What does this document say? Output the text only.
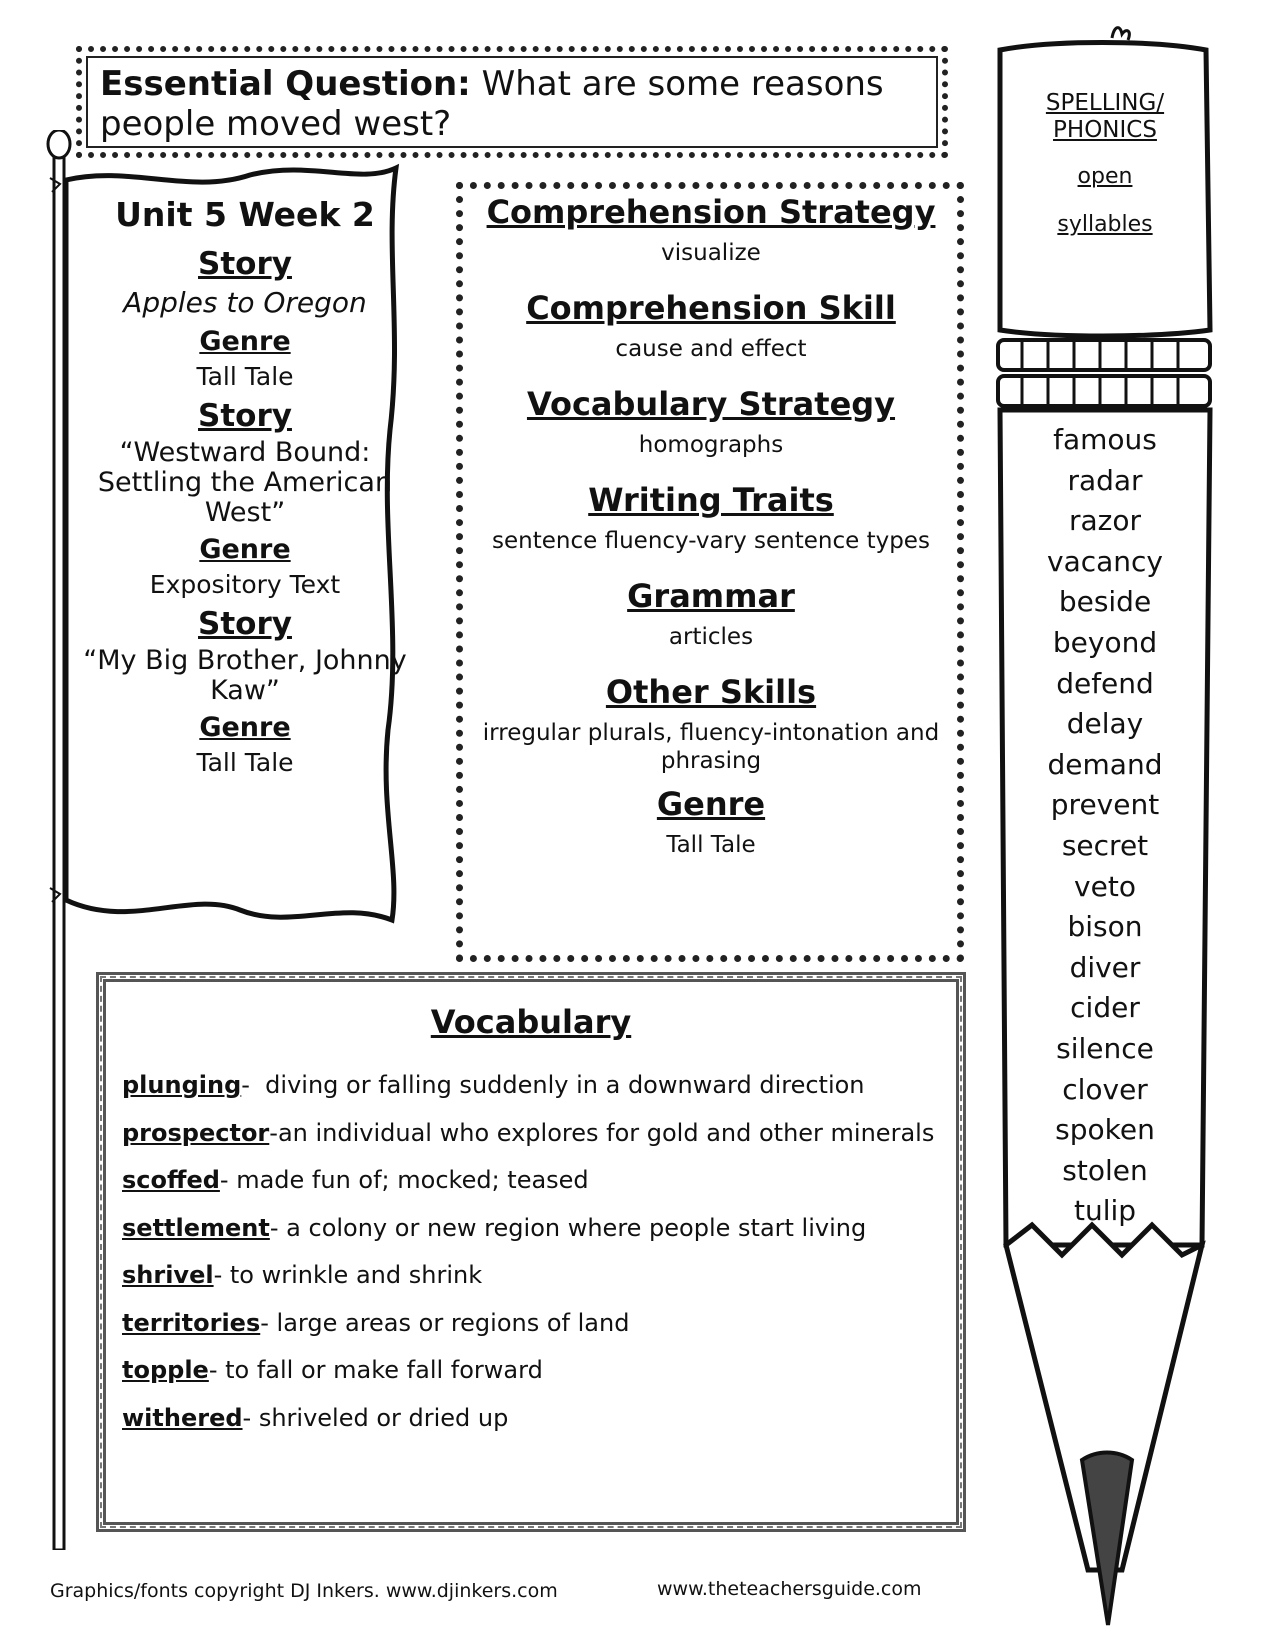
Essential Question: What are some reasons people moved west?
Unit 5 Week 2
Story
Apples to Oregon
Genre
Tall Tale
Story
“Westward Bound: Settling the American West”
Genre
Expository Text
Story
“My Big Brother, Johnny Kaw”
Genre
Tall Tale
Comprehension Strategy
visualize
Comprehension Skill
cause and effect
Vocabulary Strategy
homographs
Writing Traits
sentence fluency-vary sentence types
Grammar
articles
Other Skills
irregular plurals, fluency-intonation and phrasing
Genre
Tall Tale
Vocabulary
plunging-  diving or falling suddenly in a downward direction
prospector-an individual who explores for gold and other minerals
scoffed- made fun of; mocked; teased
settlement- a colony or new region where people start living
shrivel- to wrinkle and shrink
territories- large areas or regions of land
topple- to fall or make fall forward
withered- shriveled or dried up
SPELLING/
PHONICS
open
syllables
famous
radar
razor
vacancy
beside
beyond
defend
delay
demand
prevent
secret
veto
bison
diver
cider
silence
clover
spoken
stolen
tulip
Graphics/fonts copyright DJ Inkers. www.djinkers.com	www.theteachersguide.com
